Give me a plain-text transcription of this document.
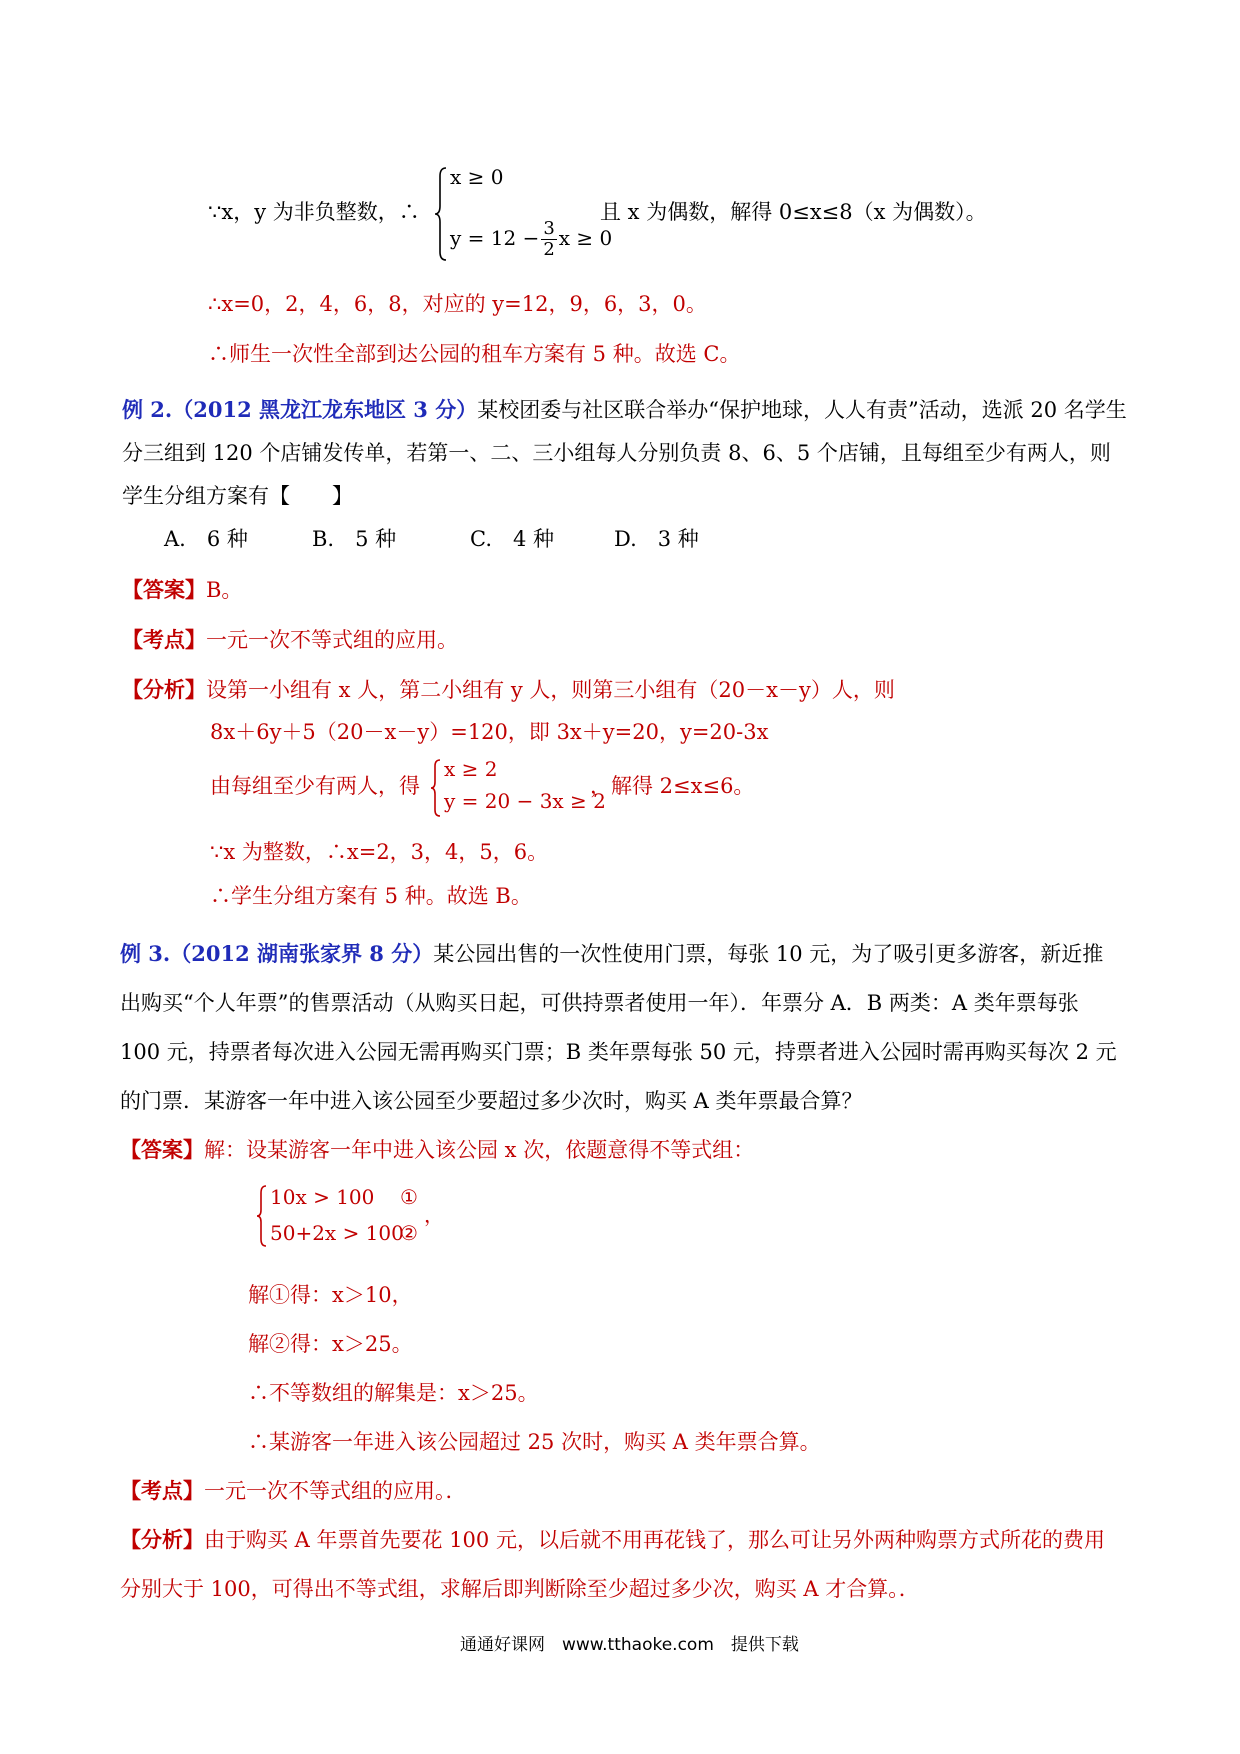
∵x，y 为非负整数，∴
x ≥ 0
$y = 12 - \frac{3}{2}$ x ≥ 0
且 x 为偶数，解得 0≤x≤8（x 为偶数）。
∴x=0，2，4，6，8，对应的 y=12，9，6，3，0。
∴师生一次性全部到达公园的租车方案有 5 种。故选 C。
例 2.（2012 黑龙江龙东地区 3 分）某校团委与社区联合举办“保护地球，人人有责”活动，选派 20 名学生
分三组到 120 个店铺发传单，若第一、二、三小组每人分别负责 8、6、5 个店铺，且每组至少有两人，则
学生分组方案有【　　】
A.　6 种	B.　5 种	C.　4 种	D.　3 种
【答案】B。
【考点】一元一次不等式组的应用。
【分析】设第一小组有 x 人，第二小组有 y 人，则第三小组有（20－x－y）人，则
8x＋6y＋5（20－x－y）=120，即 3x＋y=20，y=20-3x
由每组至少有两人，得
x ≥ 2
y = 20 − 3x ≥ 2
，解得 2≤x≤6。
∵x 为整数，∴x=2，3，4，5，6。
∴学生分组方案有 5 种。故选 B。
例 3.（2012 湖南张家界 8 分）某公园出售的一次性使用门票，每张 10 元，为了吸引更多游客，新近推
出购买“个人年票”的售票活动（从购买日起，可供持票者使用一年）．年票分 A．B 两类：A 类年票每张
100 元，持票者每次进入公园无需再购买门票；B 类年票每张 50 元，持票者进入公园时需再购买每次 2 元
的门票．某游客一年中进入该公园至少要超过多少次时，购买 A 类年票最合算？
【答案】解：设某游客一年中进入该公园 x 次，依题意得不等式组：
10x > 100 ①
50+2x > 100
②
，
解①得：x＞10，
解②得：x＞25。
∴不等数组的解集是：x＞25。
∴某游客一年进入该公园超过 25 次时，购买 A 类年票合算。
【考点】一元一次不等式组的应用。．
【分析】由于购买 A 年票首先要花 100 元，以后就不用再花钱了，那么可让另外两种购票方式所花的费用
分别大于 100，可得出不等式组，求解后即判断除至少超过多少次，购买 A 才合算。．
通通好课网　www.tthaoke.com　提供下载
